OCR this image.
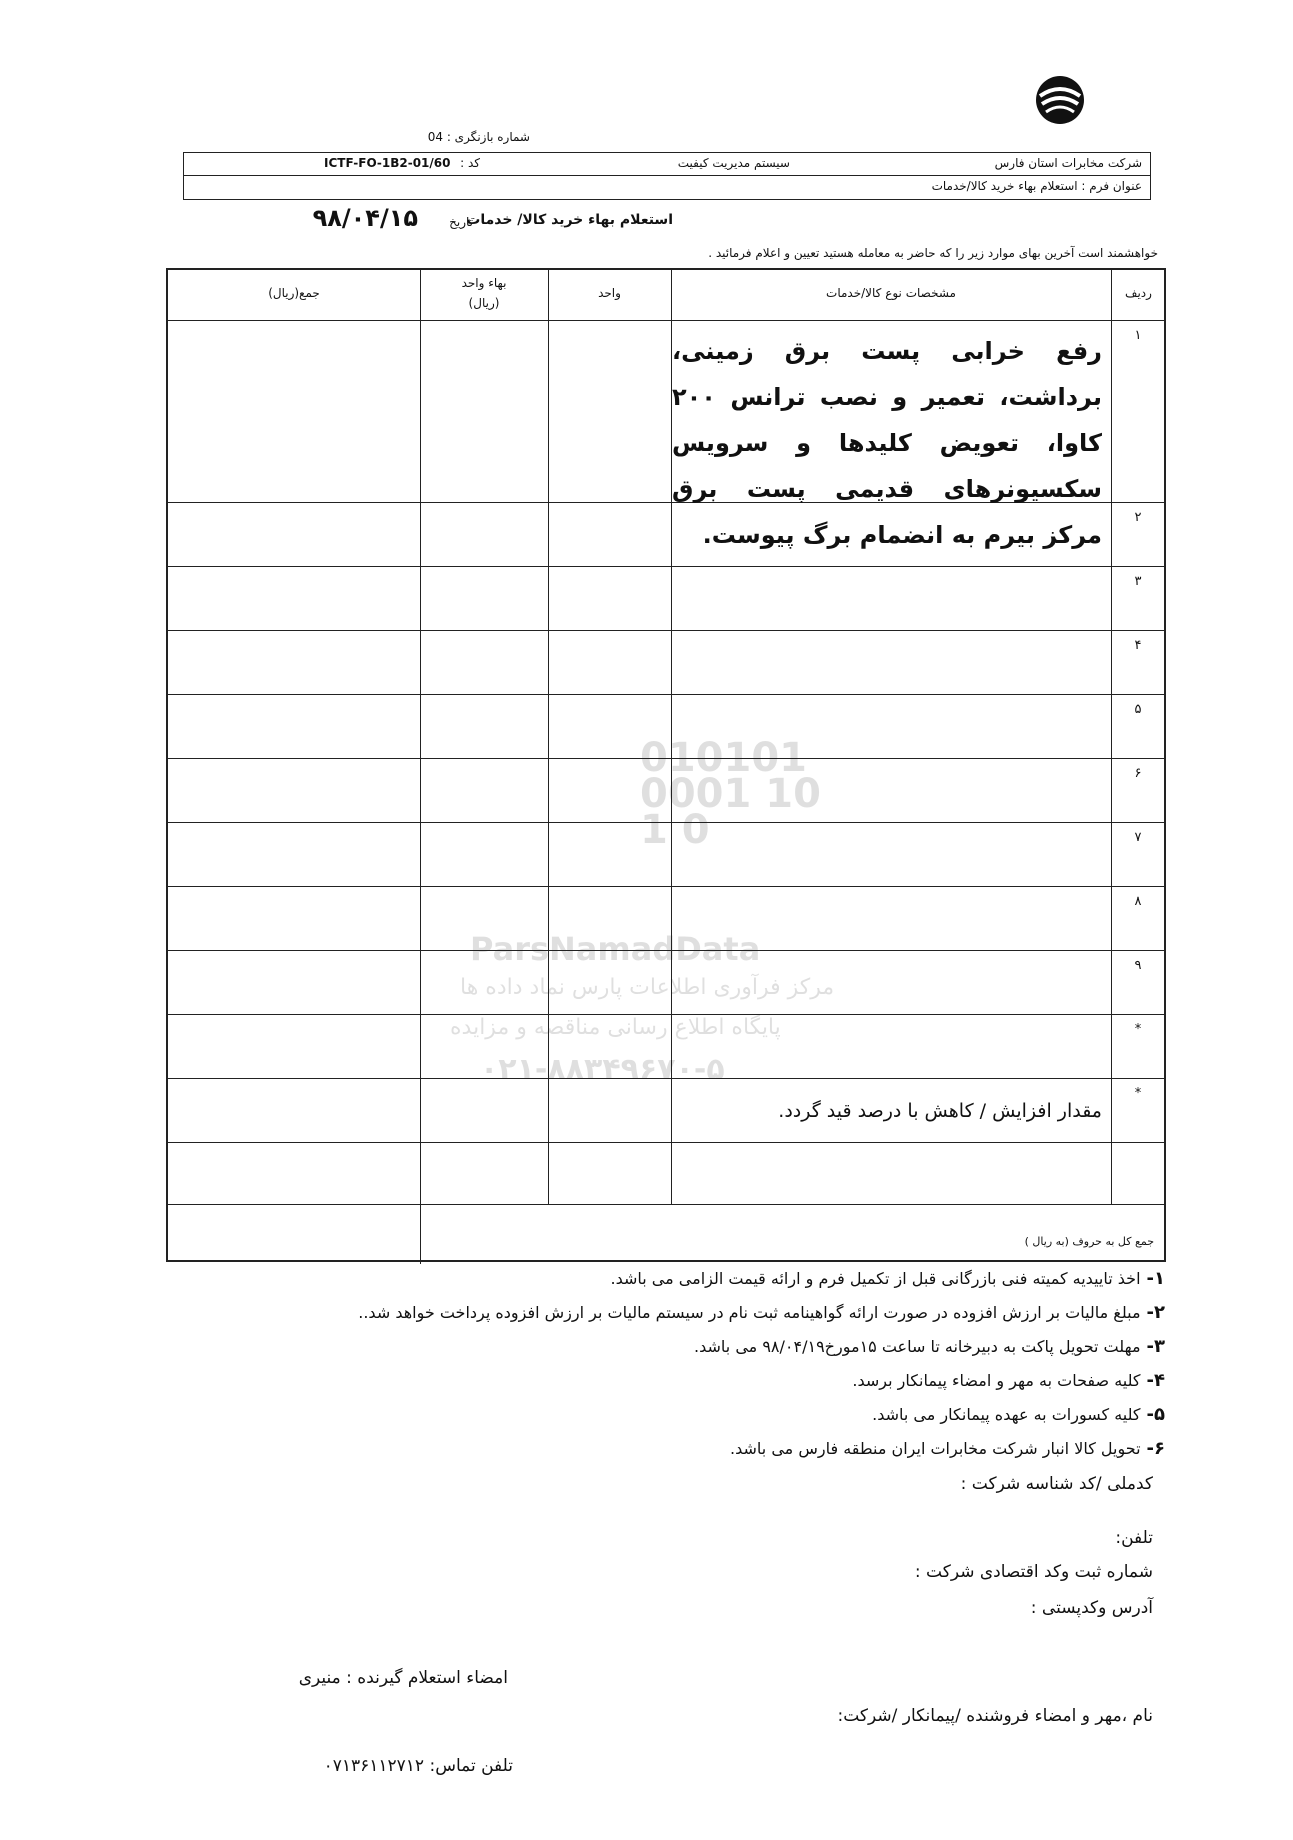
شماره بازنگری : 04
شرکت مخابرات استان فارس
سیستم مدیریت کیفیت
کد :
ICTF-FO-1B2-01/60
عنوان فرم : استعلام بهاء خرید کالا/خدمات
استعلام بهاء خرید کالا/ خدمات
تاریخ
۹۸/۰۴/۱۵
خواهشمند است آخرین بهای موارد زیر را که حاضر به معامله هستید تعیین و اعلام فرمائید .
010101 0001 10 1 0
ParsNamadData
مرکز فرآوری اطلاعات پارس نماد داده ها
پایگاه اطلاع رسانی مناقصه و مزایده
۰۲۱-۸۸۳۴۹۶۷۰-۵
ردیف
مشخصات نوع کالا/خدمات
واحد
بهاء واحد
(ریال)
جمع(ریال)
۱
۲
۳
۴
۵
۶
۷
۸
۹
*
*
رفع خرابی پست برق زمینی، برداشت، تعمیر و نصب ترانس ۲۰۰ کاوا، تعویض کلیدها و سرویس سکسیونرهای قدیمی پست برق مرکز بیرم به انضمام برگ پیوست.
مقدار افزایش / کاهش با درصد قید گردد.
جمع کل به حروف (به ریال )
۱-اخذ تاییدیه کمیته فنی بازرگانی قبل از تکمیل فرم و ارائه قیمت الزامی می باشد.
۲-مبلغ مالیات بر ارزش افزوده در صورت ارائه گواهینامه ثبت نام در سیستم مالیات بر ارزش افزوده پرداخت خواهد شد..
۳-مهلت تحویل پاکت به دبیرخانه تا ساعت ۱۵مورخ۹۸/۰۴/۱۹ می باشد.
۴-کلیه صفحات به مهر و امضاء پیمانکار برسد.
۵-کلیه کسورات به عهده پیمانکار می باشد.
۶-تحویل کالا انبار شرکت مخابرات ایران منطقه فارس می باشد.
کدملی /کد شناسه شرکت :
تلفن:
شماره ثبت وکد اقتصادی شرکت :
آدرس وکدپستی :
امضاء استعلام گیرنده : منیری
نام ،مهر و امضاء فروشنده /پیمانکار /شرکت:
تلفن تماس: ۰۷۱۳۶۱۱۲۷۱۲
